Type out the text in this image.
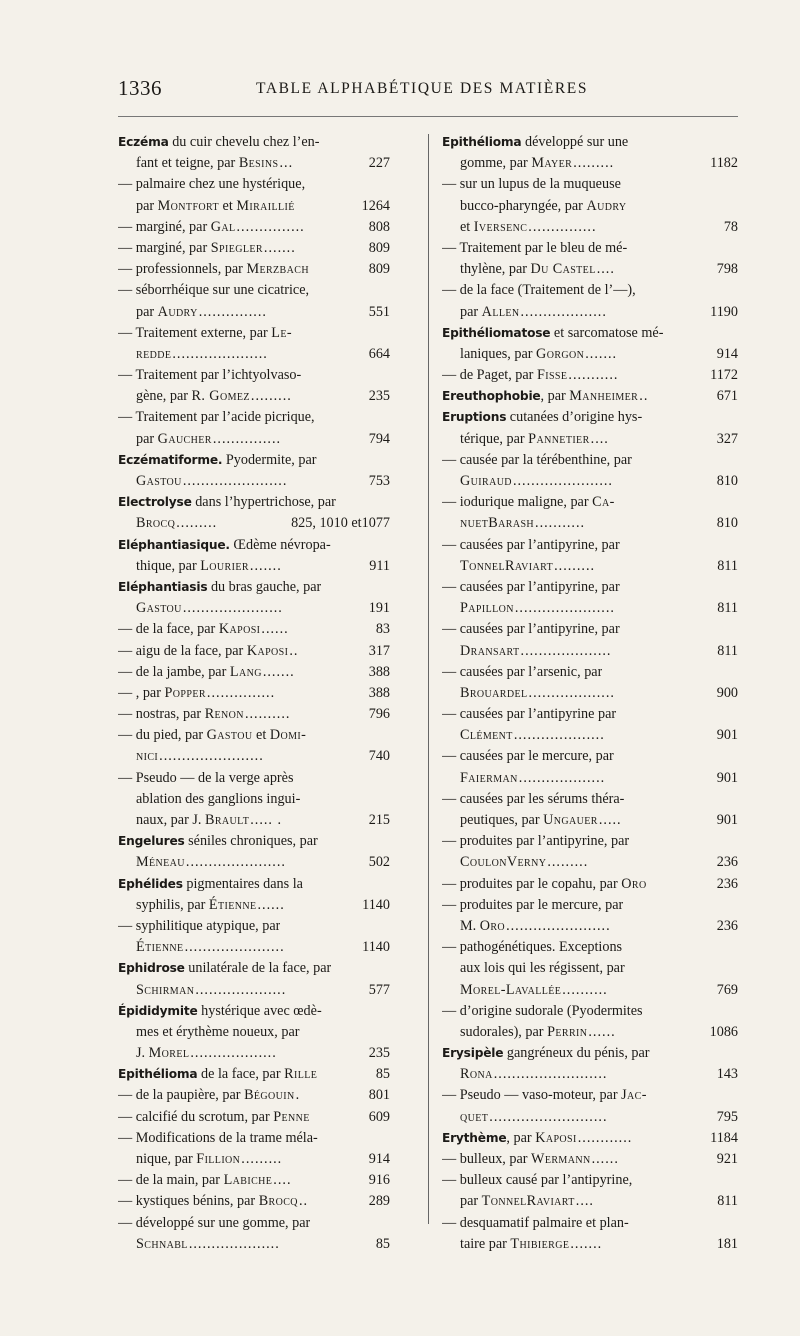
1336	TABLE ALPHABÉTIQUE DES MATIÈRES
Eczéma du cuir chevelu chez l’en-
fant et teigne, par Besins ...	227
— palmaire chez une hystérique,
par Montfort et Miraillié	1264
— marginé, par Gal ...............	808
— marginé, par Spiegler .......	809
— professionnels, par Merzbach	809
— séborrhéique sur une cicatrice,
par Audry ...............	551
— Traitement externe, par Le-
redde .....................	664
— Traitement par l’ichtyolvaso-
gène, par R. Gomez .........	235
— Traitement par l’acide picrique,
par Gaucher ...............	794
Eczématiforme. Pyodermite, par
Gastou .......................	753
Electrolyse dans l’hypertrichose, par
Brocq .........	825, 1010 et 1077
Eléphantiasique. Œdème névropa-
thique, par Lourier .......	911
Eléphantiasis du bras gauche, par
Gastou ......................	191
— de la face, par Kaposi ......	83
— aigu de la face, par Kaposi ..	317
— de la jambe, par Lang .......	388
— , par Popper ...............	388
— nostras, par Renon ..........	796
— du pied, par Gastou et Domi-
nici .......................	740
— Pseudo — de la verge après
ablation des ganglions ingui-
naux, par J. Brault ..... .	215
Engelures séniles chroniques, par
Méneau ......................	502
Ephélides pigmentaires dans la
syphilis, par Étienne ......	1140
— syphilitique atypique, par
Étienne ......................	1140
Ephidrose unilatérale de la face, par
Schirman ....................	577
Épididymite hystérique avec œdè-
mes et érythème noueux, par
J. Morel ...................	235
Epithélioma de la face, par Rille	85
— de la paupière, par Bégouin .	801
— calcifié du scrotum, par Penne	609
— Modifications de la trame méla-
nique, par Fillion .........	914
— de la main, par Labiche ....	916
— kystiques bénins, par Brocq ..	289
— développé sur une gomme, par
Schnabl ....................	85
Epithélioma développé sur une
gomme, par Mayer .........	1182
— sur un lupus de la muqueuse
bucco-pharyngée, par Audry
et Iversenc ...............	78
— Traitement par le bleu de mé-
thylène, par Du Castel ....	798
— de la face (Traitement de l’—),
par Allen ...................	1190
Epithéliomatose et sarcomatose mé-
laniques, par Gorgon .......	914
— de Paget, par Fisse ...........	1172
Ereuthophobie, par Manheimer ..	671
Eruptions cutanées d’origine hys-
térique, par Pannetier ....	327
— causée par la térébenthine, par
Guiraud ......................	810
— iodurique maligne, par Ca-
nuetBarash ...........	810
— causées par l’antipyrine, par
TonnelRaviart .........	811
— causées par l’antipyrine, par
Papillon ......................	811
— causées par l’antipyrine, par
Dransart ....................	811
— causées par l’arsenic, par
Brouardel ...................	900
— causées par l’antipyrine par
Clément ....................	901
— causées par le mercure, par
Faierman ...................	901
— causées par les sérums théra-
peutiques, par Ungauer .....	901
— produites par l’antipyrine, par
CoulonVerny .........	236
— produites par le copahu, par Oro	236
— produites par le mercure, par
M. Oro .......................	236
— pathogénétiques. Exceptions
aux lois qui les régissent, par
Morel-Lavallée ..........	769
— d’origine sudorale (Pyodermites
sudorales), par Perrin ......	1086
Erysipèle gangréneux du pénis, par
Rona .........................	143
— Pseudo — vaso-moteur, par Jac-
quet ..........................	795
Erythème, par Kaposi ............	1184
— bulleux, par Wermann ......	921
— bulleux causé par l’antipyrine,
par TonnelRaviart ....	811
— desquamatif palmaire et plan-
taire par Thibierge .......	181
